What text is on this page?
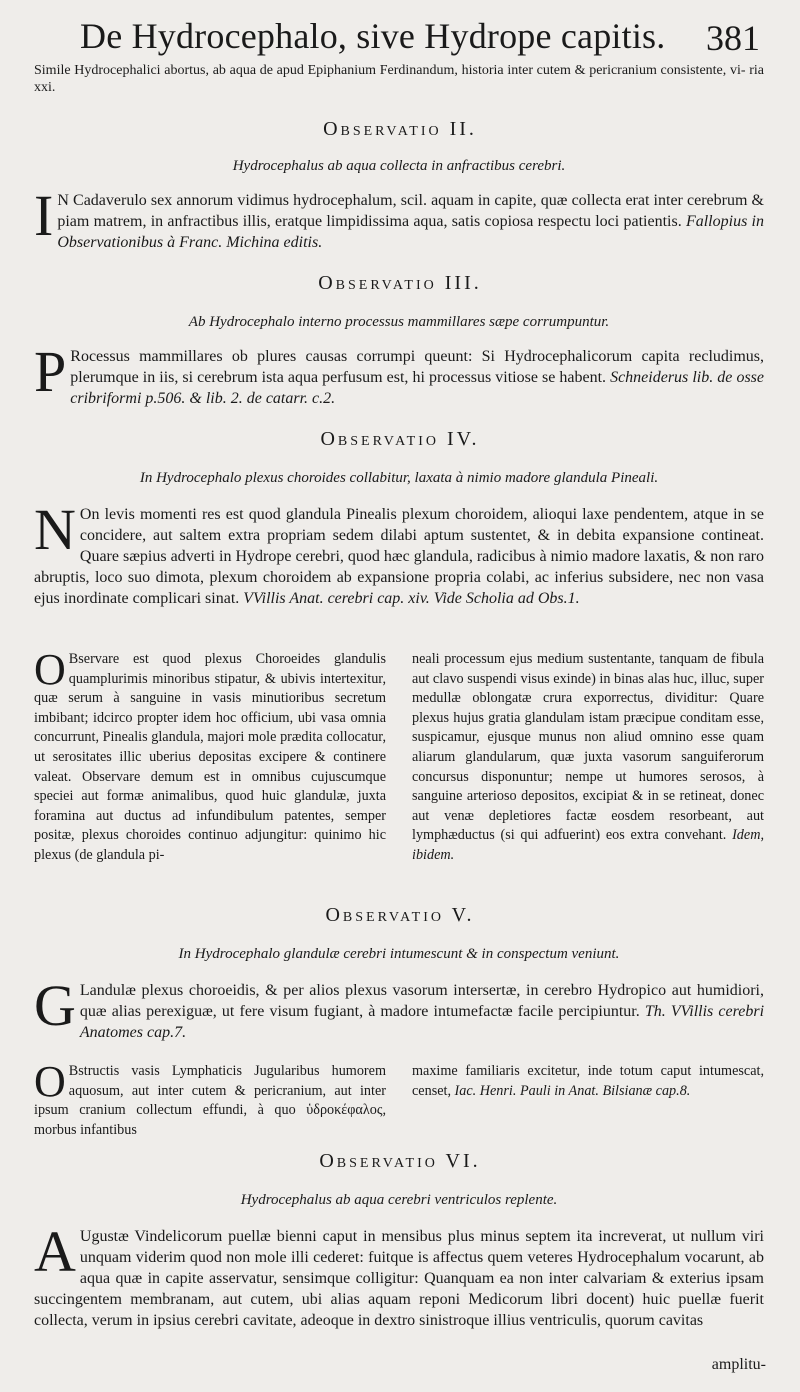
De Hydrocephalo, sive Hydrope capitis. 381
Simile Hydrocephalici abortus, ab aqua de apud Epiphanium Ferdinandum, historia inter cutem & pericranium consistente, vi- ria xxi.
Observatio II.
Hydrocephalus ab aqua collecta in anfractibus cerebri.
I N Cadaverulo sex annorum vidimus hydrocephalum, scil. aquam in capite, quæ collecta erat inter cerebrum & piam matrem, in anfractibus illis, eratque limpidissima aqua, satis copiosa respectu loci patientis. Fallopius in Observationibus à Franc. Michina editis.
Observatio III.
Ab Hydrocephalo interno processus mammillares sæpe corrumpuntur.
P Rocessus mammillares ob plures causas corrumpi queunt: Si Hydrocephalicorum capita recludimus, plerumque in iis, si cerebrum ista aqua perfusum est, hi processus vitiose se habent. Schneiderus lib. de osse cribriformi p.506. & lib. 2. de catarr. c.2.
Observatio IV.
In Hydrocephalo plexus choroides collabitur, laxata à nimio madore glandula Pineali.
N On levis momenti res est quod glandula Pinealis plexum choroidem, alioqui laxe pendentem, atque in se concidere, aut saltem extra propriam sedem dilabi aptum sustentet, & in debita expansione contineat. Quare sæpius adverti in Hydrope cerebri, quod hæc glandula, radicibus à nimio madore laxatis, & non raro abruptis, loco suo dimota, plexum choroidem ab expansione propria colabi, ac inferius subsidere, nec non vasa ejus inordinate complicari sinat. VVillis Anat. cerebri cap. xiv. Vide Scholia ad Obs.1.
O Bservare est quod plexus Choroeides glandulis quamplurimis minoribus stipatur, & ubivis intertexitur, quæ serum à sanguine in vasis minutioribus secretum imbibant; idcirco propter idem hoc officium, ubi vasa omnia concurrunt, Pinealis glandula, majori mole prædita collocatur, ut serositates illic uberius depositas excipere & continere valeat. Observare demum est in omnibus cujuscumque speciei aut formæ animalibus, quod huic glandulæ, juxta foramina aut ductus ad infundibulum patentes, semper positæ, plexus choroides continuo adjungitur: quinimo hic plexus (de glandula pi-
neali processum ejus medium sustentante, tanquam de fibula aut clavo suspendi visus exinde) in binas alas huc, illuc, super medullæ oblongatæ crura exporrectus, dividitur: Quare plexus hujus gratia glandulam istam præcipue conditam esse, suspicamur, ejusque munus non aliud omnino esse quam aliarum glandularum, quæ juxta vasorum sanguiferorum concursus disponuntur; nempe ut humores serosos, à sanguine arterioso depositos, excipiat & in se retineat, donec aut venæ depletiores factæ eosdem resorbeant, aut lymphæductus (si qui adfuerint) eos extra convehant. Idem, ibidem.
Observatio V.
In Hydrocephalo glandulæ cerebri intumescunt & in conspectum veniunt.
G Landulæ plexus choroeidis, & per alios plexus vasorum intersertæ, in cerebro Hydropico aut humidiori, quæ alias perexiguæ, ut fere visum fugiant, à madore intumefactæ facile percipiuntur. Th. VVillis cerebri Anatomes cap.7.
O Bstructis vasis Lymphaticis Jugularibus humorem aquosum, aut inter cutem & pericranium, aut inter ipsum cranium collectum effundi, à quo ὑδροκέφαλος, morbus infantibus
maxime familiaris excitetur, inde totum caput intumescat, censet, Iac. Henri. Pauli in Anat. Bilsianæ cap.8.
Observatio VI.
Hydrocephalus ab aqua cerebri ventriculos replente.
A Ugustæ Vindelicorum puellæ bienni caput in mensibus plus minus septem ita increverat, ut nullum viri unquam viderim quod non mole illi cederet: fuitque is affectus quem veteres Hydrocephalum vocarunt, ab aqua quæ in capite asservatur, sensimque colligitur: Quanquam ea non inter calvariam & exterius ipsam succingentem membranam, aut cutem, ubi alias aquam reponi Medicorum libri docent) huic puellæ fuerit collecta, verum in ipsius cerebri cavitate, adeoque in dextro sinistroque illius ventriculis, quorum cavitas
amplitu-
